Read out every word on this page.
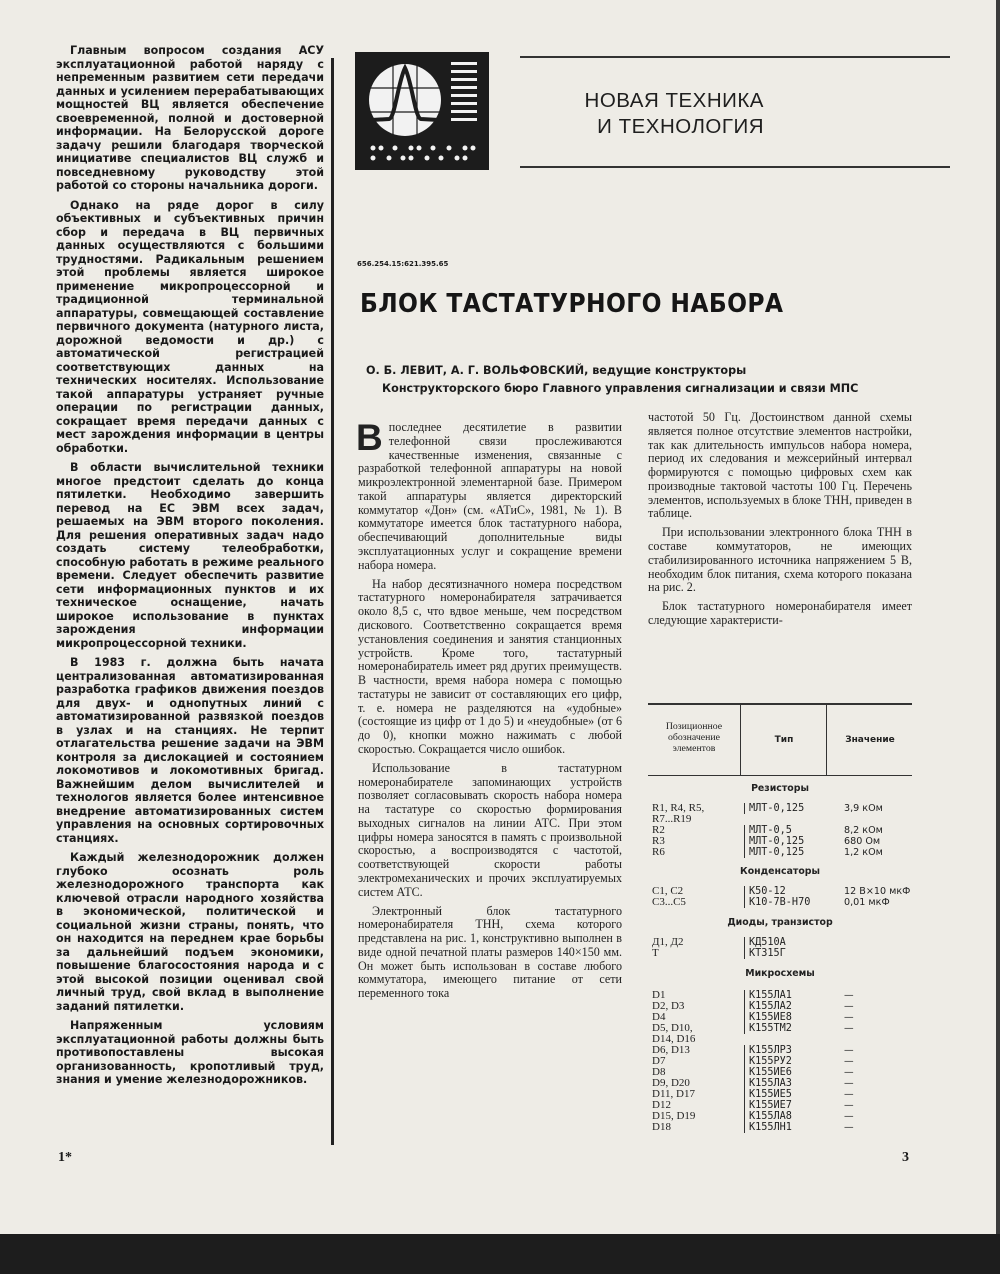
Главным вопросом создания АСУ эксплуатационной работой наряду с непременным развитием сети передачи данных и усилением перерабатывающих мощностей ВЦ является обеспечение своевременной, полной и достоверной информации. На Белорусской дороге задачу решили благодаря творческой инициативе специалистов ВЦ служб и повседневному руководству этой работой со стороны начальника дороги.

Однако на ряде дорог в силу объективных и субъективных причин сбор и передача в ВЦ первичных данных осуществляются с большими трудностями. Радикальным решением этой проблемы является широкое применение микропроцессорной и традиционной терминальной аппаратуры, совмещающей составление первичного документа (натурного листа, дорожной ведомости и др.) с автоматической регистрацией соответствующих данных на технических носителях. Использование такой аппаратуры устраняет ручные операции по регистрации данных, сокращает время передачи данных с мест зарождения информации в центры обработки.

В области вычислительной техники многое предстоит сделать до конца пятилетки. Необходимо завершить перевод на ЕС ЭВМ всех задач, решаемых на ЭВМ второго поколения. Для решения оперативных задач надо создать систему телеобработки, способную работать в режиме реального времени. Следует обеспечить развитие сети информационных пунктов и их техническое оснащение, начать широкое использование в пунктах зарождения информации микропроцессорной техники.

В 1983 г. должна быть начата централизованная автоматизированная разработка графиков движения поездов для двух- и однопутных линий с автоматизированной развязкой поездов в узлах и на станциях. Не терпит отлагательства решение задачи на ЭВМ контроля за дислокацией и состоянием локомотивов и локомотивных бригад. Важнейшим делом вычислителей и технологов является более интенсивное внедрение автоматизированных систем управления на основных сортировочных станциях.

Каждый железнодорожник должен глубоко осознать роль железнодорожного транспорта как ключевой отрасли народного хозяйства в экономической, политической и социальной жизни страны, понять, что он находится на переднем крае борьбы за дальнейший подъем экономики, повышение благосостояния народа и с этой высокой позиции оценивал свой личный труд, свой вклад в выполнение заданий пятилетки.

Напряженным условиям эксплуатационной работы должны быть противопоставлены высокая организованность, кропотливый труд, знания и умение железнодорожников.

НОВАЯ ТЕХНИКА
И ТЕХНОЛОГИЯ
656.254.15:621.395.65
БЛОК ТАСТАТУРНОГО НАБОРА
О. Б. ЛЕВИТ, А. Г. ВОЛЬФОВСКИЙ, ведущие конструкторы
Конструкторского бюро Главного управления сигнализации и связи МПС

Впоследнее десятилетие в развитии телефонной связи прослеживаются качественные изменения, связанные с разработкой телефонной аппаратуры на новой микроэлектронной элементарной базе. Примером такой аппаратуры является директорский коммутатор «Дон» (см. «АТиС», 1981, № 1). В коммутаторе имеется блок тастатурного набора, обеспечивающий дополнительные виды эксплуатационных услуг и сокращение времени набора номера.

На набор десятизначного номера посредством тастатурного номеронабирателя затрачивается около 8,5 с, что вдвое меньше, чем посредством дискового. Соответственно сокращается время установления соединения и занятия станционных устройств. Кроме того, тастатурный номеронабиратель имеет ряд других преимуществ. В частности, время набора номера с помощью тастатуры не зависит от составляющих его цифр, т. е. номера не разделяются на «удобные» (состоящие из цифр от 1 до 5) и «неудобные» (от 6 до 0), кнопки можно нажимать с любой скоростью. Сокращается число ошибок.

Использование в тастатурном номеронабирателе запоминающих устройств позволяет согласовывать скорость набора номера на тастатуре со скоростью формирования выходных сигналов на линии АТС. При этом цифры номера заносятся в память с произвольной скоростью, а воспроизводятся с частотой, соответствующей скорости работы электромеханических и прочих эксплуатируемых систем АТС.

Электронный блок тастатурного номеронабирателя ТНН, схема которого представлена на рис. 1, конструктивно выполнен в виде одной печатной платы размеров 140×150 мм. Он может быть использован в составе любого коммутатора, имеющего питание от сети переменного тока

частотой 50 Гц. Достоинством данной схемы является полное отсутствие элементов настройки, так как длительность импульсов набора номера, период их следования и межсерийный интервал формируются с помощью цифровых схем как производные тактовой частоты 100 Гц. Перечень элементов, используемых в блоке ТНН, приведен в таблице.

При использовании электронного блока ТНН в составе коммутаторов, не имеющих стабилизированного источника напряжением 5 В, необходим блок питания, схема которого показана на рис. 2.

Блок тастатурного номеронабирателя имеет следующие характеристи-

Позиционное обозначение элементов
Тип	Значение
Резисторы
R1, R4, R5,	МЛТ-0,125	3,9 кОм
R7...R19
R2	МЛТ-0,5	8,2 кОм
R3	МЛТ-0,125	680 Ом
R6	МЛТ-0,125	1,2 кОм
Конденсаторы
C1, C2	К50-12	12 В×10 мкФ
C3...C5	К10-7В-Н70	0,01 мкФ
Диоды, транзистор
Д1, Д2	КД510А
Т	КТ315Г
Микросхемы
D1	К155ЛА1	—
D2, D3	К155ЛА2	—
D4	К155ИЕ8	—
D5, D10,	К155ТМ2	—
D14, D16
D6, D13	К155ЛР3	—
D7	К155РУ2	—
D8	К155ИЕ6	—
D9, D20	К155ЛА3	—
D11, D17	К155ИЕ5	—
D12	К155ИЕ7	—
D15, D19	К155ЛА8	—
D18	К155ЛН1	—
1*	3
